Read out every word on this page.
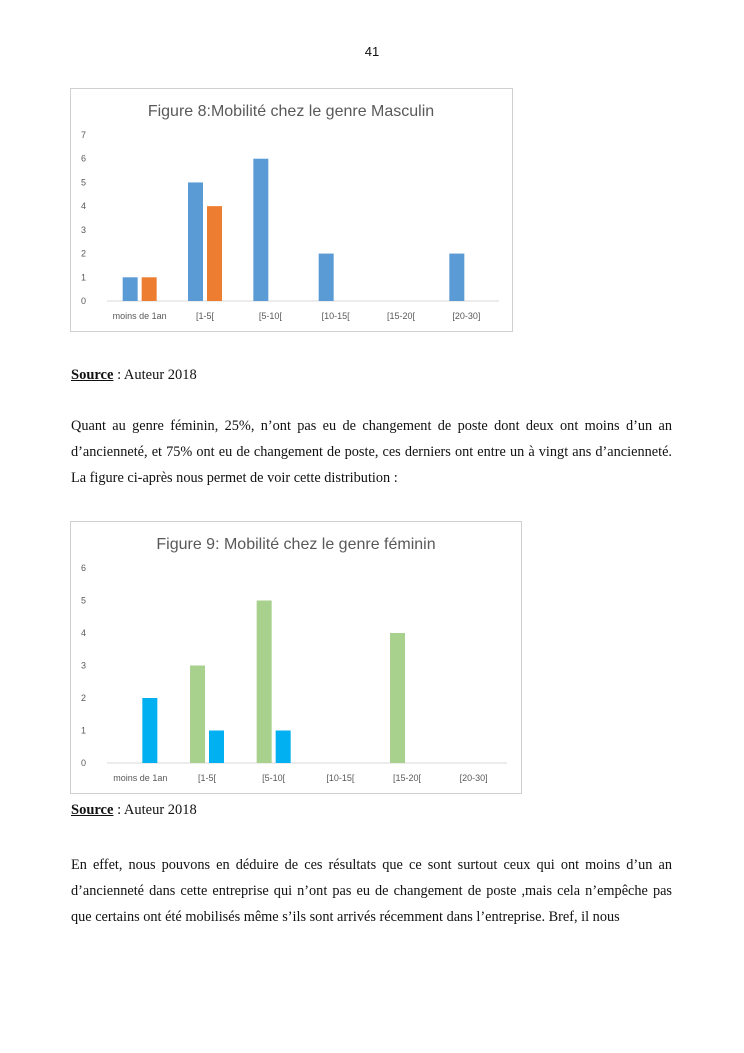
41
Figure 8:Mobilité chez le genre Masculin
0
1
2
3
4
5
6
7
moins de 1an	[1-5[	[5-10[	[10-15[	[15-20[	[20-30]
Source : Auteur 2018

Quant au genre féminin, 25%, n’ont pas eu de changement de poste dont deux ont moins d’un an d’ancienneté, et 75% ont eu de changement de poste, ces derniers ont entre un à vingt ans d’ancienneté. La figure ci-après nous permet de voir cette distribution :

Figure 9: Mobilité chez le genre féminin
0
1
2
3
4
5
6
moins de 1an	[1-5[	[5-10[	[10-15[	[15-20[	[20-30]
Source : Auteur 2018

En effet, nous pouvons en déduire de ces résultats que ce sont surtout ceux qui ont moins d’un an d’ancienneté dans cette entreprise qui n’ont pas eu de changement de poste ,mais cela n’empêche pas que certains ont été mobilisés même s’ils sont arrivés récemment dans l’entreprise. Bref, il nous
